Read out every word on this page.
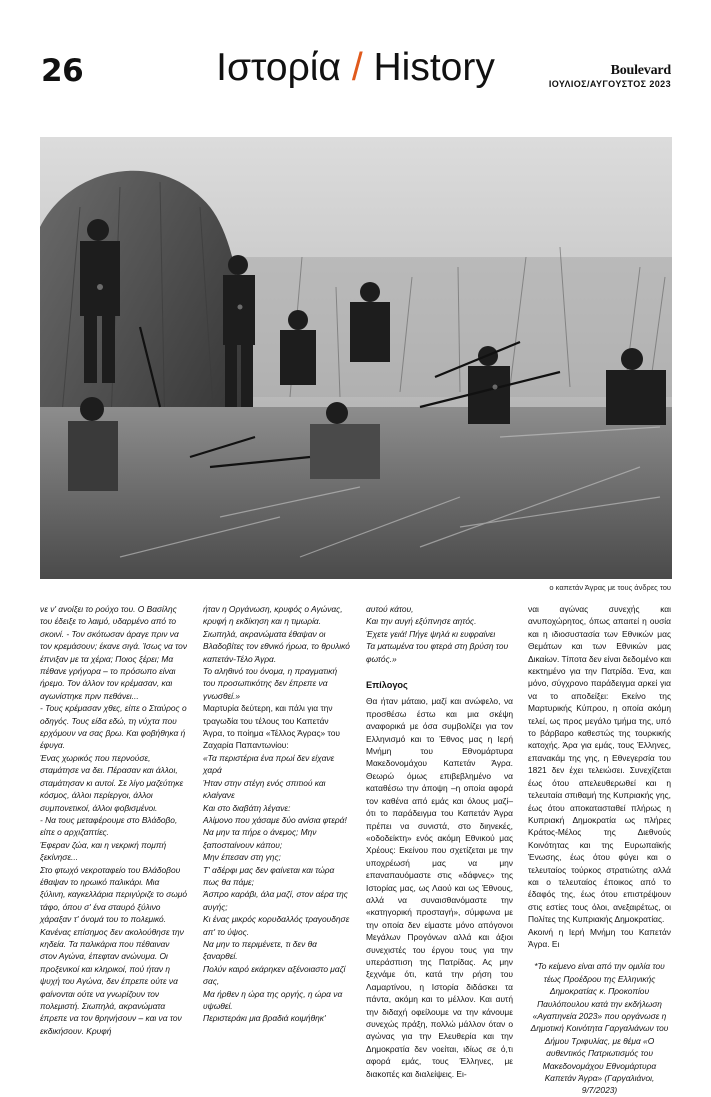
26	Ιστορία / History	Boulevard
ΙΟΥΛΙΟΣ/ΑΥΓΟΥΣΤΟΣ 2023
ο καπετάν Άγρας με τους άνδρες του

νε ν' ανοίξει το ρούχο του. Ο Βασίλης του έδειξε το λαιμό, υδαρμένο από το σκοινί. - Τον σκότωσαν άραγε πριν να τον κρεμάσουν; έκανε σιγά. Ίσως να τον έπνιξαν με τα χέρια; Ποιος ξέρει; Μα πέθανε γρήγορα – το πρόσωπο είναι ήρεμο. Τον άλλον τον κρέμασαν, και αγωνίστηκε πριν πεθάνει...

- Τους κρέμασαν χθες, είπε ο Σταύρος ο οδηγός. Τους είδα εδώ, τη νύχτα που ερχόμουν να σας βρω. Και φοβήθηκα ή έφυγα.

Ένας χωρικός που περνούσε, σταμάτησε να δει. Πέρασαν και άλλοι, σταμάτησαν κι αυτοί. Σε λίγο μαζεύτηκε κόσμος, άλλοι περίεργοι, άλλοι συμπονετικοί, άλλοι φοβισμένοι.

- Να τους μεταφέρουμε στο Βλάδοβο, είπε ο αρχιζαπτίες.

Έφεραν ζώα, και η νεκρική πομπή ξεκίνησε...

Στο φτωχό νεκροταφείο του Βλάδοβου έθαψαν το ηρωικό παλικάρι. Μια ξύλινη, καγκελλάρια περιγύριζε το σωμό τάφο, όπου σ' ένα σταυρό ξύλινο χάραξαν τ' όνομά του το πολεμικό.

Κανένας επίσημος δεν ακολούθησε την κηδεία. Τα παλικάρια που πέθαιναν στον Αγώνα, έπεφταν ανώνυμα. Οι προξενικοί και κληρικοί, πού ήταν η ψυχή του Αγώνα, δεν έπρεπε ούτε να φαίνονται ούτε να γνωρίζουν τον πολεμιστή. Σιωπηλά, ακρανώματα έπρεπε να τον θρηνήσουν – και να τον εκδικήσουν. Κρυφή

ήταν η Οργάνωση, κρυφός ο Αγώνας, κρυφή η εκδίκηση και η τιμωρία.

Σιωπηλά, ακρανώματα έθαψαν οι Βλαδοβίτες τον εθνικό ήρωα, το θρυλικό καπετάν-Τέλο Άγρα.

Το αληθινό του όνομα, η πραγματική του προσωπικότης δεν έπρεπε να γνωσθεί.»

Μαρτυρία δεύτερη, και πάλι για την τραγωδία του τέλους του Καπετάν Άγρα, το ποίημα «Τέλλος Άγρας» του Ζαχαρία Παπαντωνίου:

«Τα περιστέρια ένα πρωί δεν είχανε χαρά

Ήταν στην στέγη ενός σπιτιού και κλαίγανε

Και στο διαβάτη λέγανε:

Αλίμονο που χάσαμε δύο ανίσια φτερά!

Να μην τα πήρε ο άνεμος; Μην ξαποσταίνουν κάπου;

Μην έπεσαν στη γης;

Τ' αδέρφι μας δεν φαίνεται και τώρα πως θα πάμε;

Άσπρο καράβι, άλα μαζί, στον αέρα της αυγής;

Κι ένας μικρός κορυδαλλός τραγουδησε απ' το ύψος.

Να μην το περιμένετε, τι δεν θα ξαναρθεί.

Πολύν καιρό εκάρηκεν αξένοιαστο μαζί σας,

Μα ήρθεν η ώρα της οργής, η ώρα να υψωθεί.

Περιστεράκι μια βραδιά κοιμήθηκ'

αυτού κάτου,

Και την αυγή εξύπνησε αητός.

Έχετε γειά! Πήγε ψηλά κι ευφραίνει

Τα ματωμένα του φτερά στη βρύση του φωτός.»

Επίλογος

Θα ήταν μάταιο, μαζί και ανώφελο, να προσθέσω έστω και μια σκέψη αναφορικά με όσα συμβολίζει για τον Ελληνισμό και το Έθνος μας η Ιερή Μνήμη του Εθνομάρτυρα Μακεδονομάχου Καπετάν Άγρα. Θεωρώ όμως επιβεβλημένο να καταθέσω την άποψη –η οποία αφορά τον καθένα από εμάς και όλους μαζί– ότι το παράδειγμα του Καπετάν Άγρα πρέπει να συνιστά, στο διηνεκές, «οδοδείκτη» ενός ακόμη Εθνικού μας Χρέους: Εκείνου που σχετίζεται με την υποχρέωσή μας να μην επαναπαυόμαστε στις «δάφνες» της Ιστορίας μας, ως Λαού και ως Έθνους, αλλά να συναισθανόμαστε την «κατηγορική προσταγή», σύμφωνα με την οποία δεν είμαστε μόνο απόγονοι Μεγάλων Προγόνων αλλά και άξιοι συνεχιστές του έργου τους για την υπεράσπιση της Πατρίδας. Ας μην ξεχνάμε ότι, κατά την ρήση του Λαμαρτίνου, η Ιστορία διδάσκει τα πάντα, ακόμη και το μέλλον. Και αυτή την διδαχή οφείλουμε να την κάνουμε συνεχώς πράξη, πολλώ μάλλον όταν ο αγώνας για την Ελευθερία και την Δημοκρατία δεν νοείται, ιδίως σε ό,τι αφορά εμάς, τους Έλληνες, με διακοπές και διαλείψεις. Ει-

ναι αγώνας συνεχής και ανυποχώρητος, όπως απαιτεί η ουσία και η ιδιοσυστασία των Εθνικών μας Θεμάτων και των Εθνικών μας Δικαίων. Τίποτα δεν είναι δεδομένο και κεκτημένο για την Πατρίδα. Ένα, και μόνο, σύγχρονο παράδειγμα αρκεί για να το αποδείξει: Εκείνο της Μαρτυρικής Κύπρου, η οποία ακόμη τελεί, ως προς μεγάλο τμήμα της, υπό το βάρβαρο καθεστώς της τουρκικής κατοχής. Άρα για εμάς, τους Έλληνες, επανακάμ της γης, η Εθνεγερσία του 1821 δεν έχει τελειώσει. Συνεχίζεται έως ότου απελευθερωθεί και η τελευταία σπιθαμή της Κυπριακής γης, έως ότου αποκατασταθεί πλήρως η Κυπριακή Δημοκρατία ως πλήρες Κράτος-Μέλος της Διεθνούς Κοινότητας και της Ευρωπαϊκής Ένωσης, έως ότου φύγει και ο τελευταίος τούρκος στρατιώτης αλλά και ο τελευταίος έποικος από το έδαφός της, έως ότου επιστρέψουν στις εστίες τους όλοι, ανεξαιρέτως, οι Πολίτες της Κυπριακής Δημοκρατίας.

Ακοινή η Ιερή Μνήμη του Καπετάν Άγρα. Ει

*Το κείμενο είναι από την ομιλία του τέως Προέδρου της Ελληνικής Δημοκρατίας κ. Προκοπίου Παυλόπουλου κατά την εκδήλωση «Αγαπηνεία 2023» που οργάνωσε η Δημοτική Κοινότητα Γαργαλιάνων του Δήμου Τριφυλίας, με θέμα «Ο αυθεντικός Πατριωτισμός του Μακεδονομάχου Εθνομάρτυρα Καπετάν Άγρα» (Γαργαλιάνοι, 9/7/2023)
